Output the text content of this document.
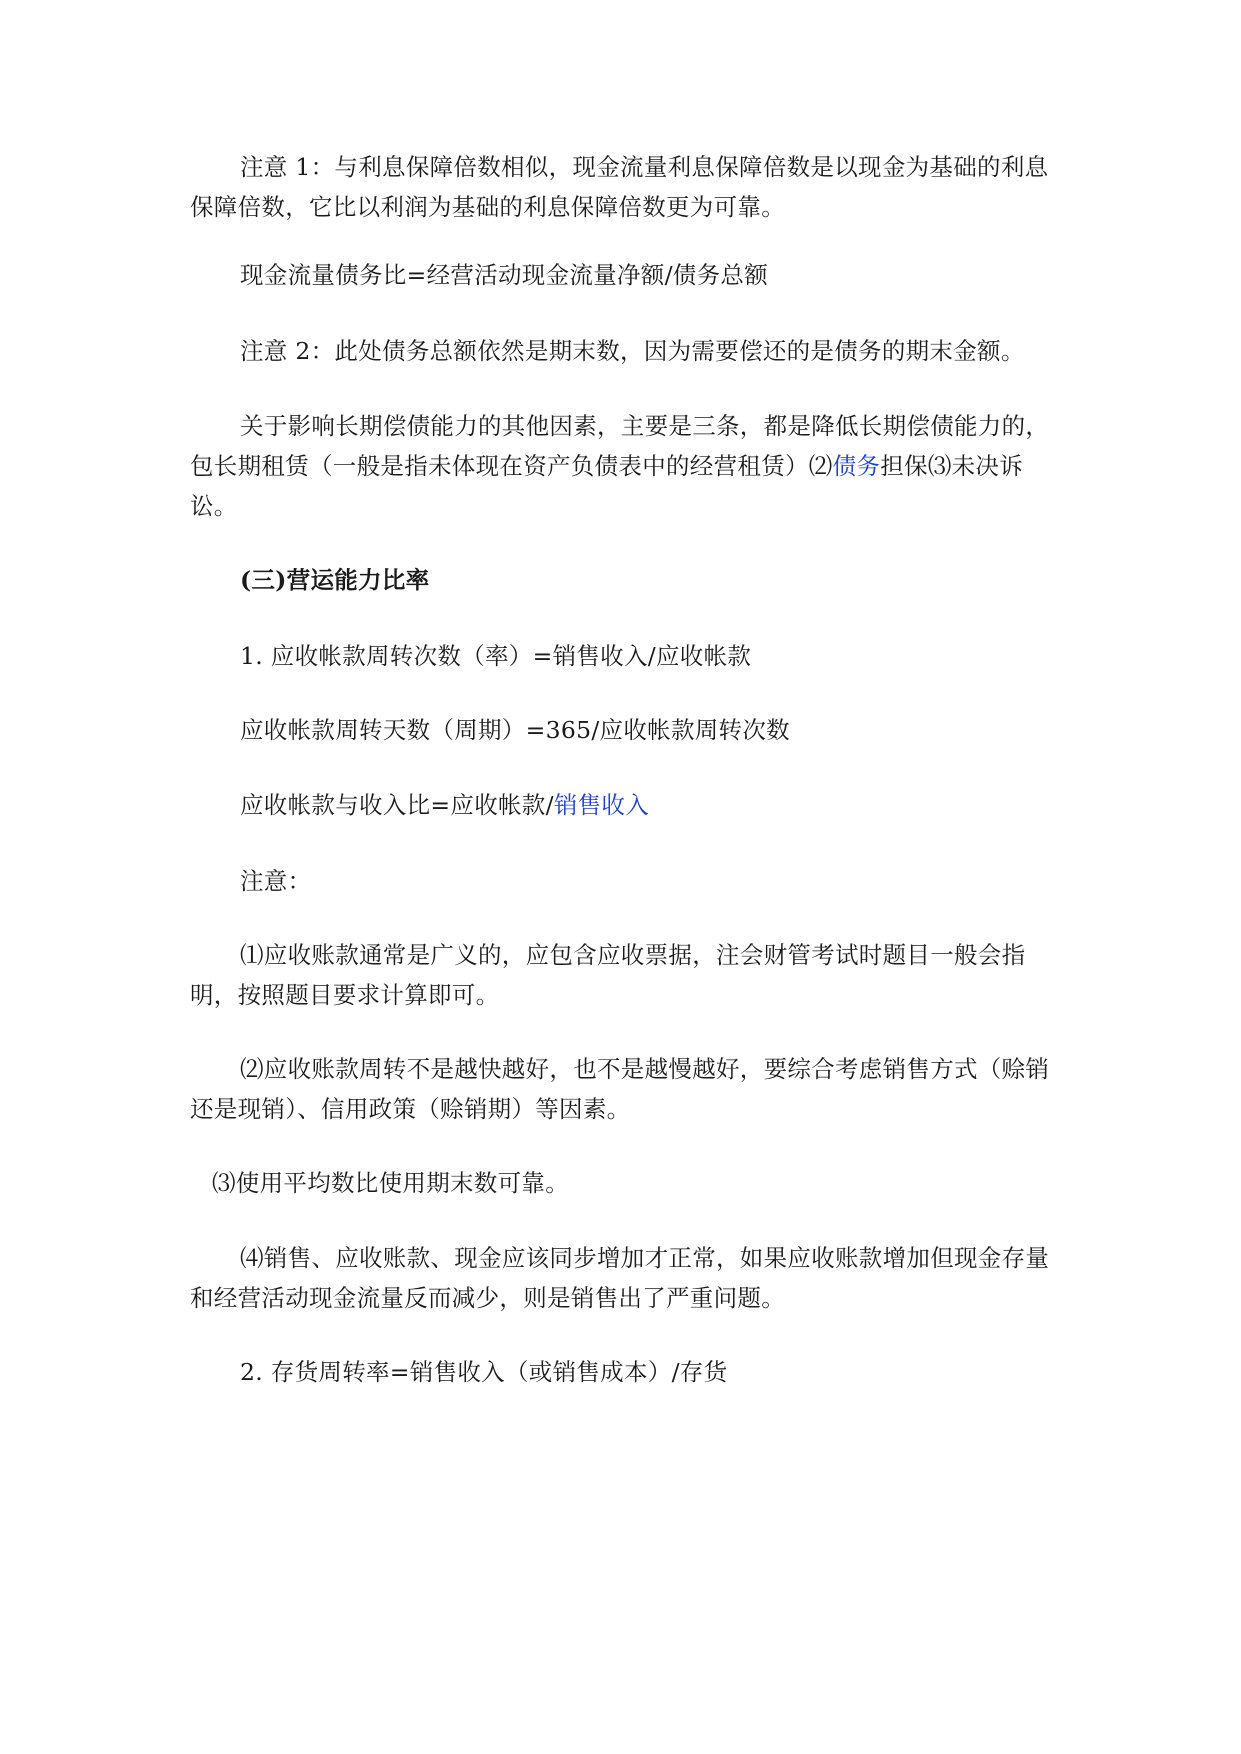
注意 1：与利息保障倍数相似，现金流量利息保障倍数是以现金为基础的利息保障倍数，它比以利润为基础的利息保障倍数更为可靠。

现金流量债务比=经营活动现金流量净额/债务总额

注意 2：此处债务总额依然是期末数，因为需要偿还的是债务的期末金额。

关于影响长期偿债能力的其他因素，主要是三条，都是降低长期偿债能力的，包长期租赁（一般是指未体现在资产负债表中的经营租赁）⑵债务担保⑶未决诉讼。

(三)营运能力比率

1. 应收帐款周转次数（率）=销售收入/应收帐款

应收帐款周转天数（周期）=365/应收帐款周转次数

应收帐款与收入比=应收帐款/销售收入

注意：

⑴应收账款通常是广义的，应包含应收票据，注会财管考试时题目一般会指明，按照题目要求计算即可。

⑵应收账款周转不是越快越好，也不是越慢越好，要综合考虑销售方式（赊销还是现销）、信用政策（赊销期）等因素。

⑶使用平均数比使用期末数可靠。

⑷销售、应收账款、现金应该同步增加才正常，如果应收账款增加但现金存量和经营活动现金流量反而减少，则是销售出了严重问题。

2. 存货周转率=销售收入（或销售成本）/存货
